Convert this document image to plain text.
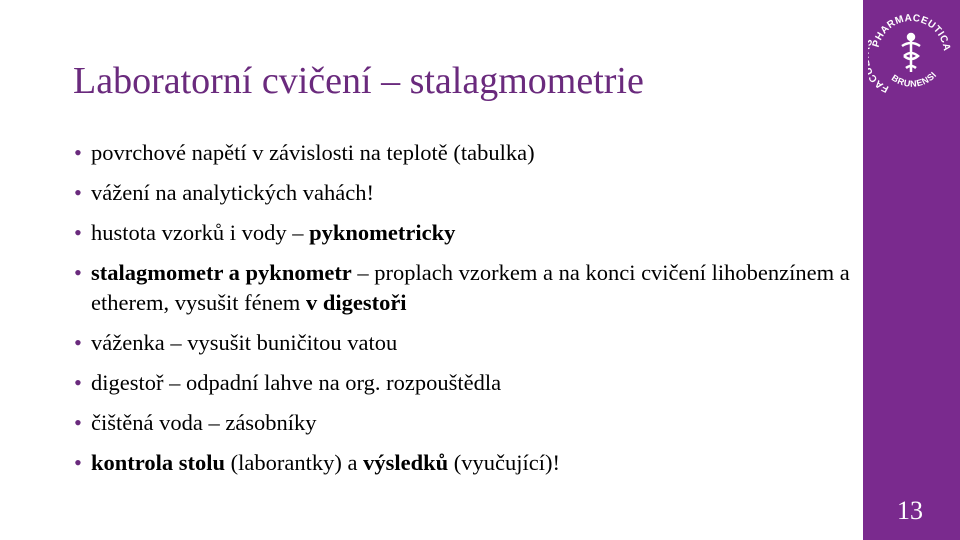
PHARMACEUTICA
FAC	BRUNENSI
Laboratorní cvičení – stalagmometrie
• povrchové napětí v závislosti na teplotě (tabulka)
• vážení na analytických vahách!
• hustota vzorků i vody – pyknometricky
• stalagmometr a pyknometr – proplach vzorkem a na konci cvičení lihobenzínem a etherem, vysušit fénem v digestoři
• váženka – vysušit buničitou vatou
• digestoř – odpadní lahve na org. rozpouštědla
• čištěná voda – zásobníky
• kontrola stolu (laborantky) a výsledků (vyučující)!
13
